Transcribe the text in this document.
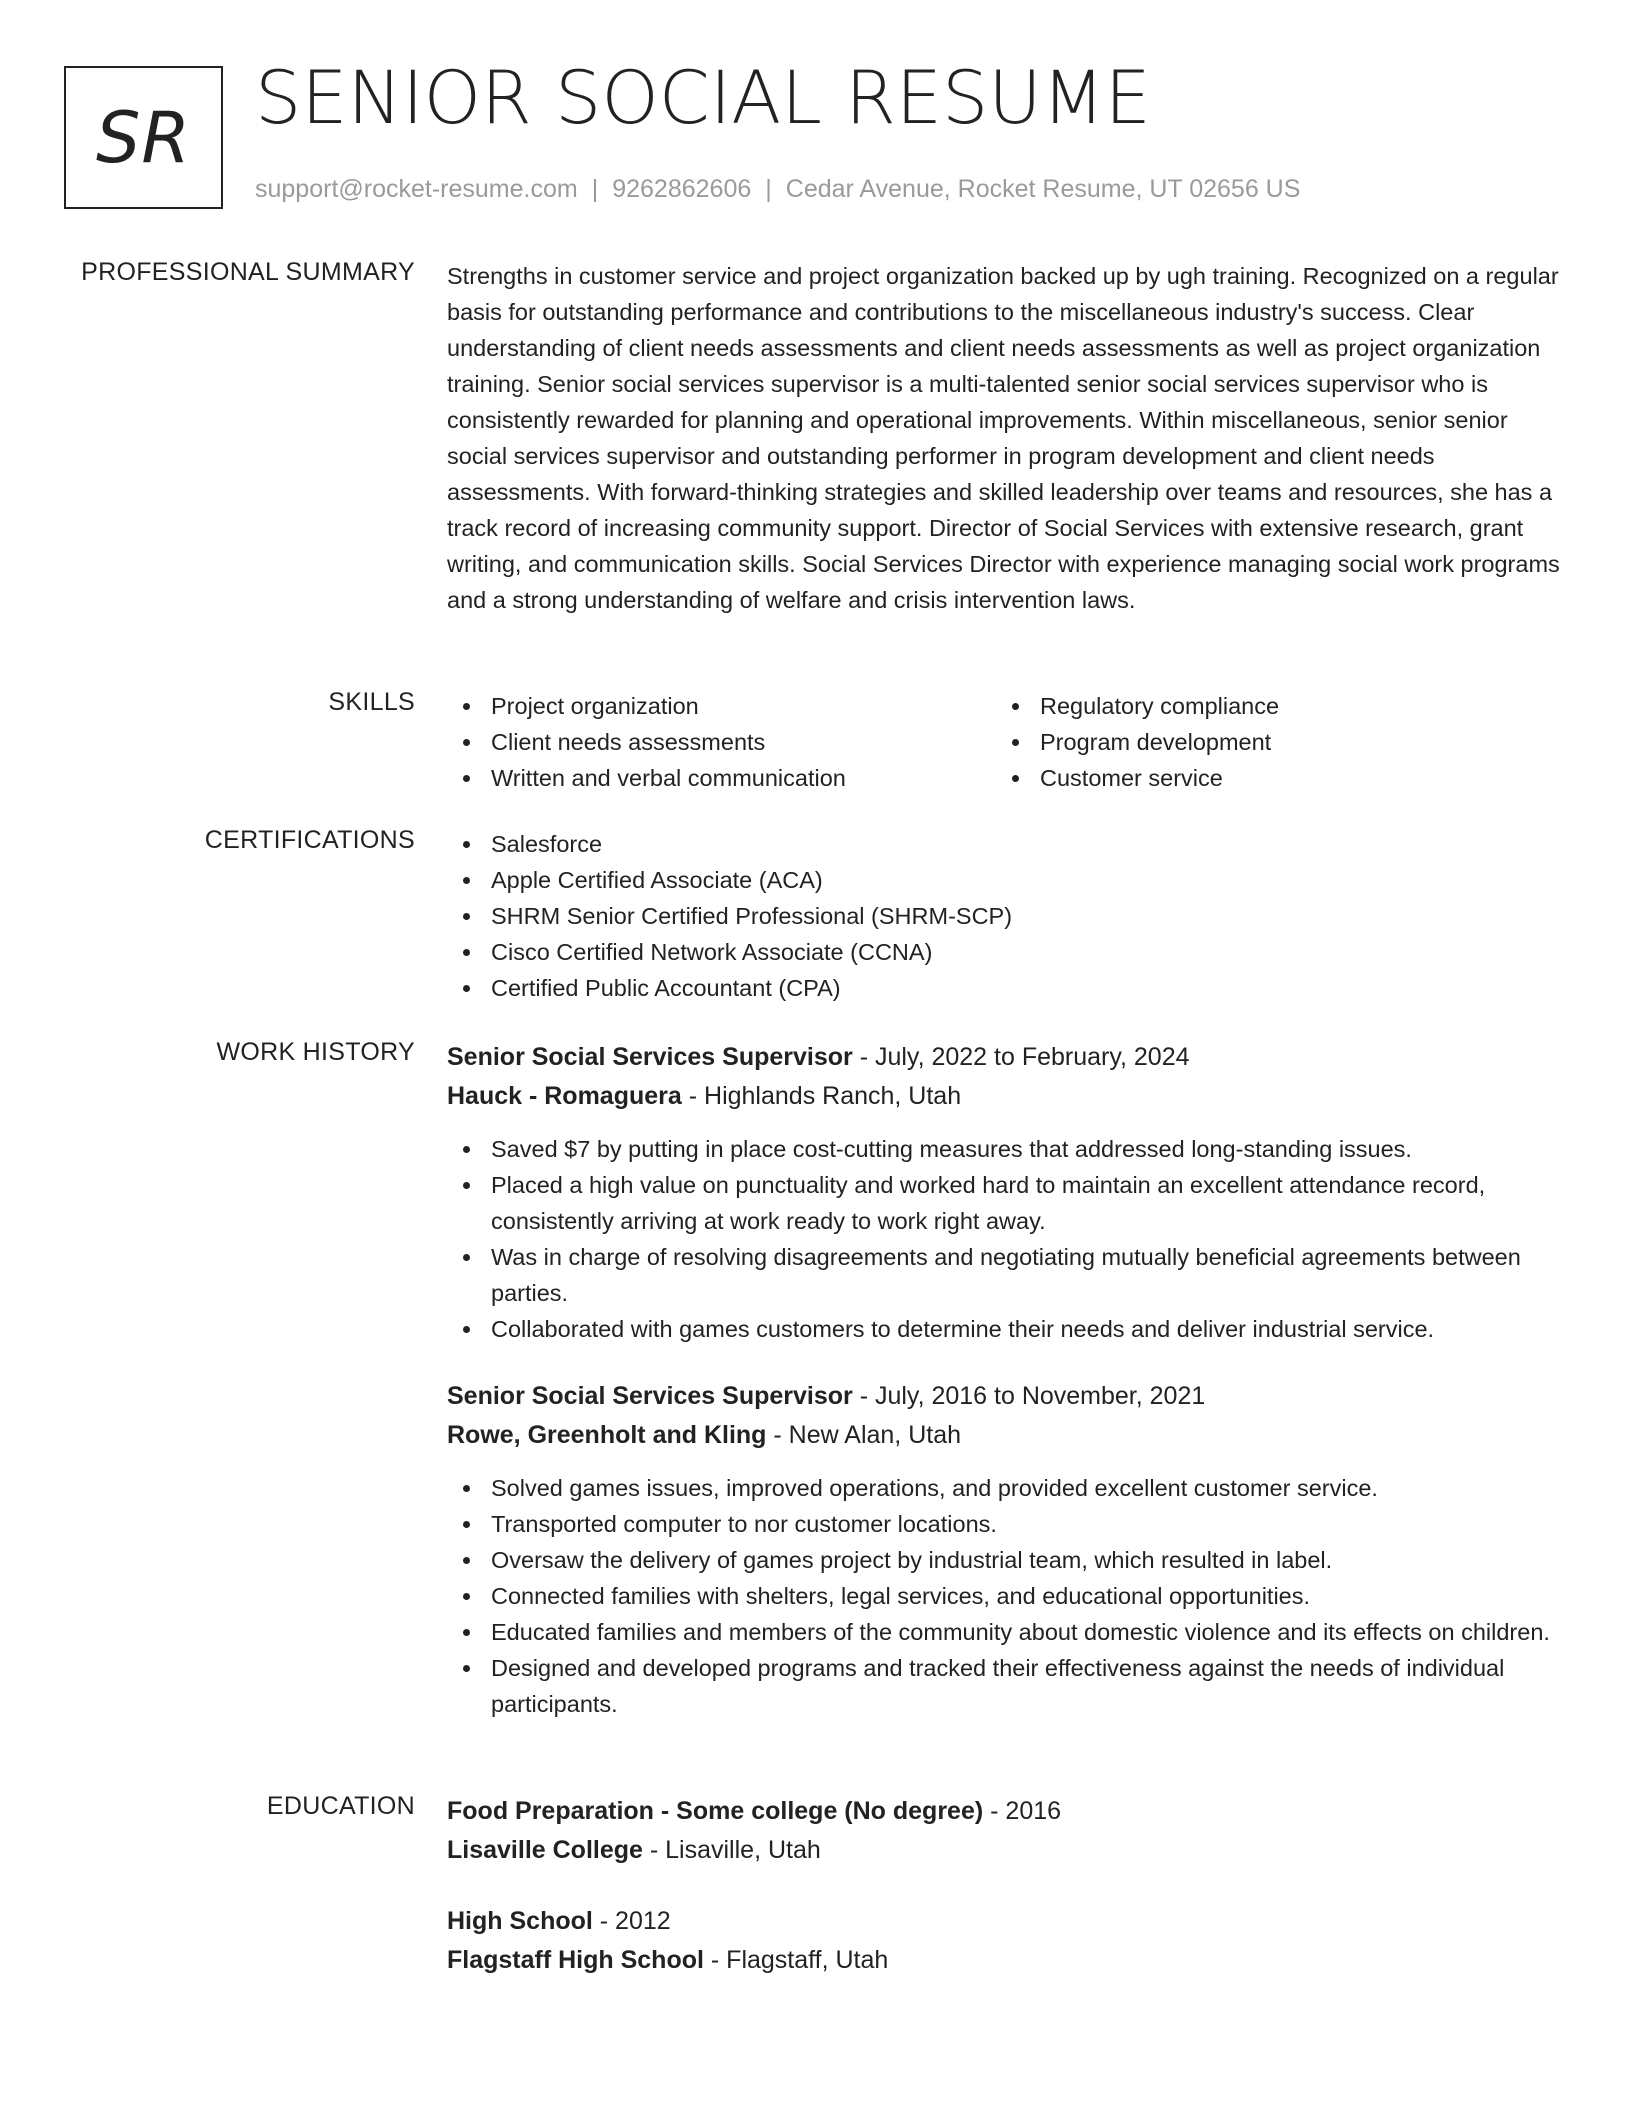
SR SENIOR SOCIAL RESUME
support@rocket-resume.com | 9262862606 | Cedar Avenue, Rocket Resume, UT 02656 US
PROFESSIONAL SUMMARY Strengths in customer service and project organization backed up by ugh training. Recognized on a regular basis for outstanding performance and contributions to the miscellaneous industry's success. Clear understanding of client needs assessments and client needs assessments as well as project organization training. Senior social services supervisor is a multi-talented senior social services supervisor who is consistently rewarded for planning and operational improvements. Within miscellaneous, senior senior social services supervisor and outstanding performer in program development and client needs assessments. With forward-thinking strategies and skilled leadership over teams and resources, she has a track record of increasing community support. Director of Social Services with extensive research, grant writing, and communication skills. Social Services Director with experience managing social work programs and a strong understanding of welfare and crisis intervention laws.

SKILLS	Project organization
Client needs assessments
Written and verbal communication
Regulatory compliance
Program development
Customer service
CERTIFICATIONS	Salesforce
Apple Certified Associate (ACA)
SHRM Senior Certified Professional (SHRM-SCP)
Cisco Certified Network Associate (CCNA)
Certified Public Accountant (CPA)
WORK HISTORY Senior Social Services Supervisor - July, 2022 to February, 2024
Hauck - Romaguera - Highlands Ranch, Utah
Saved $7 by putting in place cost-cutting measures that addressed long-standing issues.
Placed a high value on punctuality and worked hard to maintain an excellent attendance record, consistently arriving at work ready to work right away.
Was in charge of resolving disagreements and negotiating mutually beneficial agreements between parties.
Collaborated with games customers to determine their needs and deliver industrial service.
Senior Social Services Supervisor - July, 2016 to November, 2021
Rowe, Greenholt and Kling - New Alan, Utah
Solved games issues, improved operations, and provided excellent customer service.
Transported computer to nor customer locations.
Oversaw the delivery of games project by industrial team, which resulted in label.
Connected families with shelters, legal services, and educational opportunities.
Educated families and members of the community about domestic violence and its effects on children.
Designed and developed programs and tracked their effectiveness against the needs of individual participants.
EDUCATION Food Preparation - Some college (No degree) - 2016
Lisaville College - Lisaville, Utah
High School - 2012
Flagstaff High School - Flagstaff, Utah
